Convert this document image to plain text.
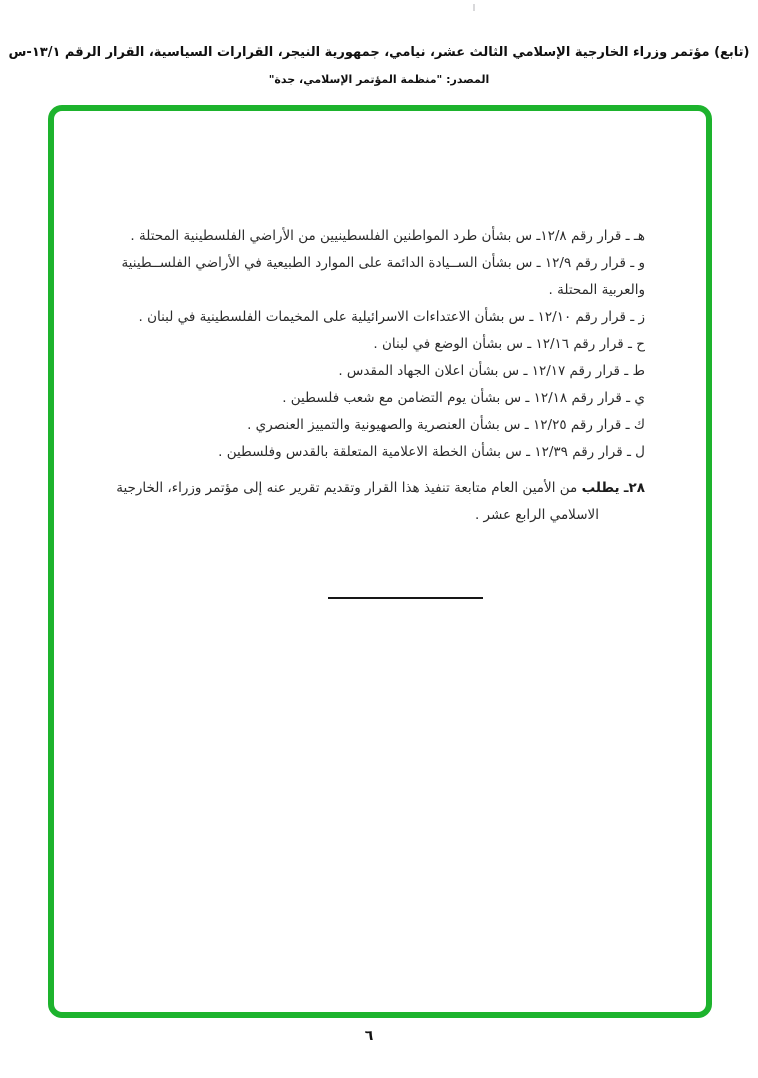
(تابع) مؤتمر وزراء الخارجية الإسلامي الثالث عشر، نيامي، جمهورية النيجر، القرارات السياسية، القرار الرقم ١٣/١-س
المصدر: "منظمة المؤتمر الإسلامي، جدة"
هـ ـ قرار رقم ١٢/٨ـ س بشأن طرد المواطنين الفلسطينيين من الأراضي الفلسطينية المحتلة .
و ـ قرار رقم ١٢/٩ ـ س بشأن الســيادة الدائمة على الموارد الطبيعية في الأراضي الفلســطينية
والعربية المحتلة .
ز ـ قرار رقم ١٢/١٠ ـ س بشأن الاعتداءات الاسرائيلية على المخيمات الفلسطينية في لبنان .
ح ـ قرار رقم ١٢/١٦ ـ س بشأن الوضع في لبنان .
ط ـ قرار رقم ١٢/١٧ ـ س بشأن اعلان الجهاد المقدس .
ي ـ قرار رقم ١٢/١٨ ـ س بشأن يوم التضامن مع شعب فلسطين .
ك ـ قرار رقم ١٢/٢٥ ـ س بشأن العنصرية والصهيونية والتمييز العنصري .
ل ـ قرار رقم ١٢/٣٩ ـ س بشأن الخطة الاعلامية المتعلقة بالقدس وفلسطين .
٢٨ـ يطلب من الأمين العام متابعة تنفيذ هذا القرار وتقديم تقرير عنه إلى مؤتمر وزراء، الخارجية
الاسلامي الرابع عشر .
٦
